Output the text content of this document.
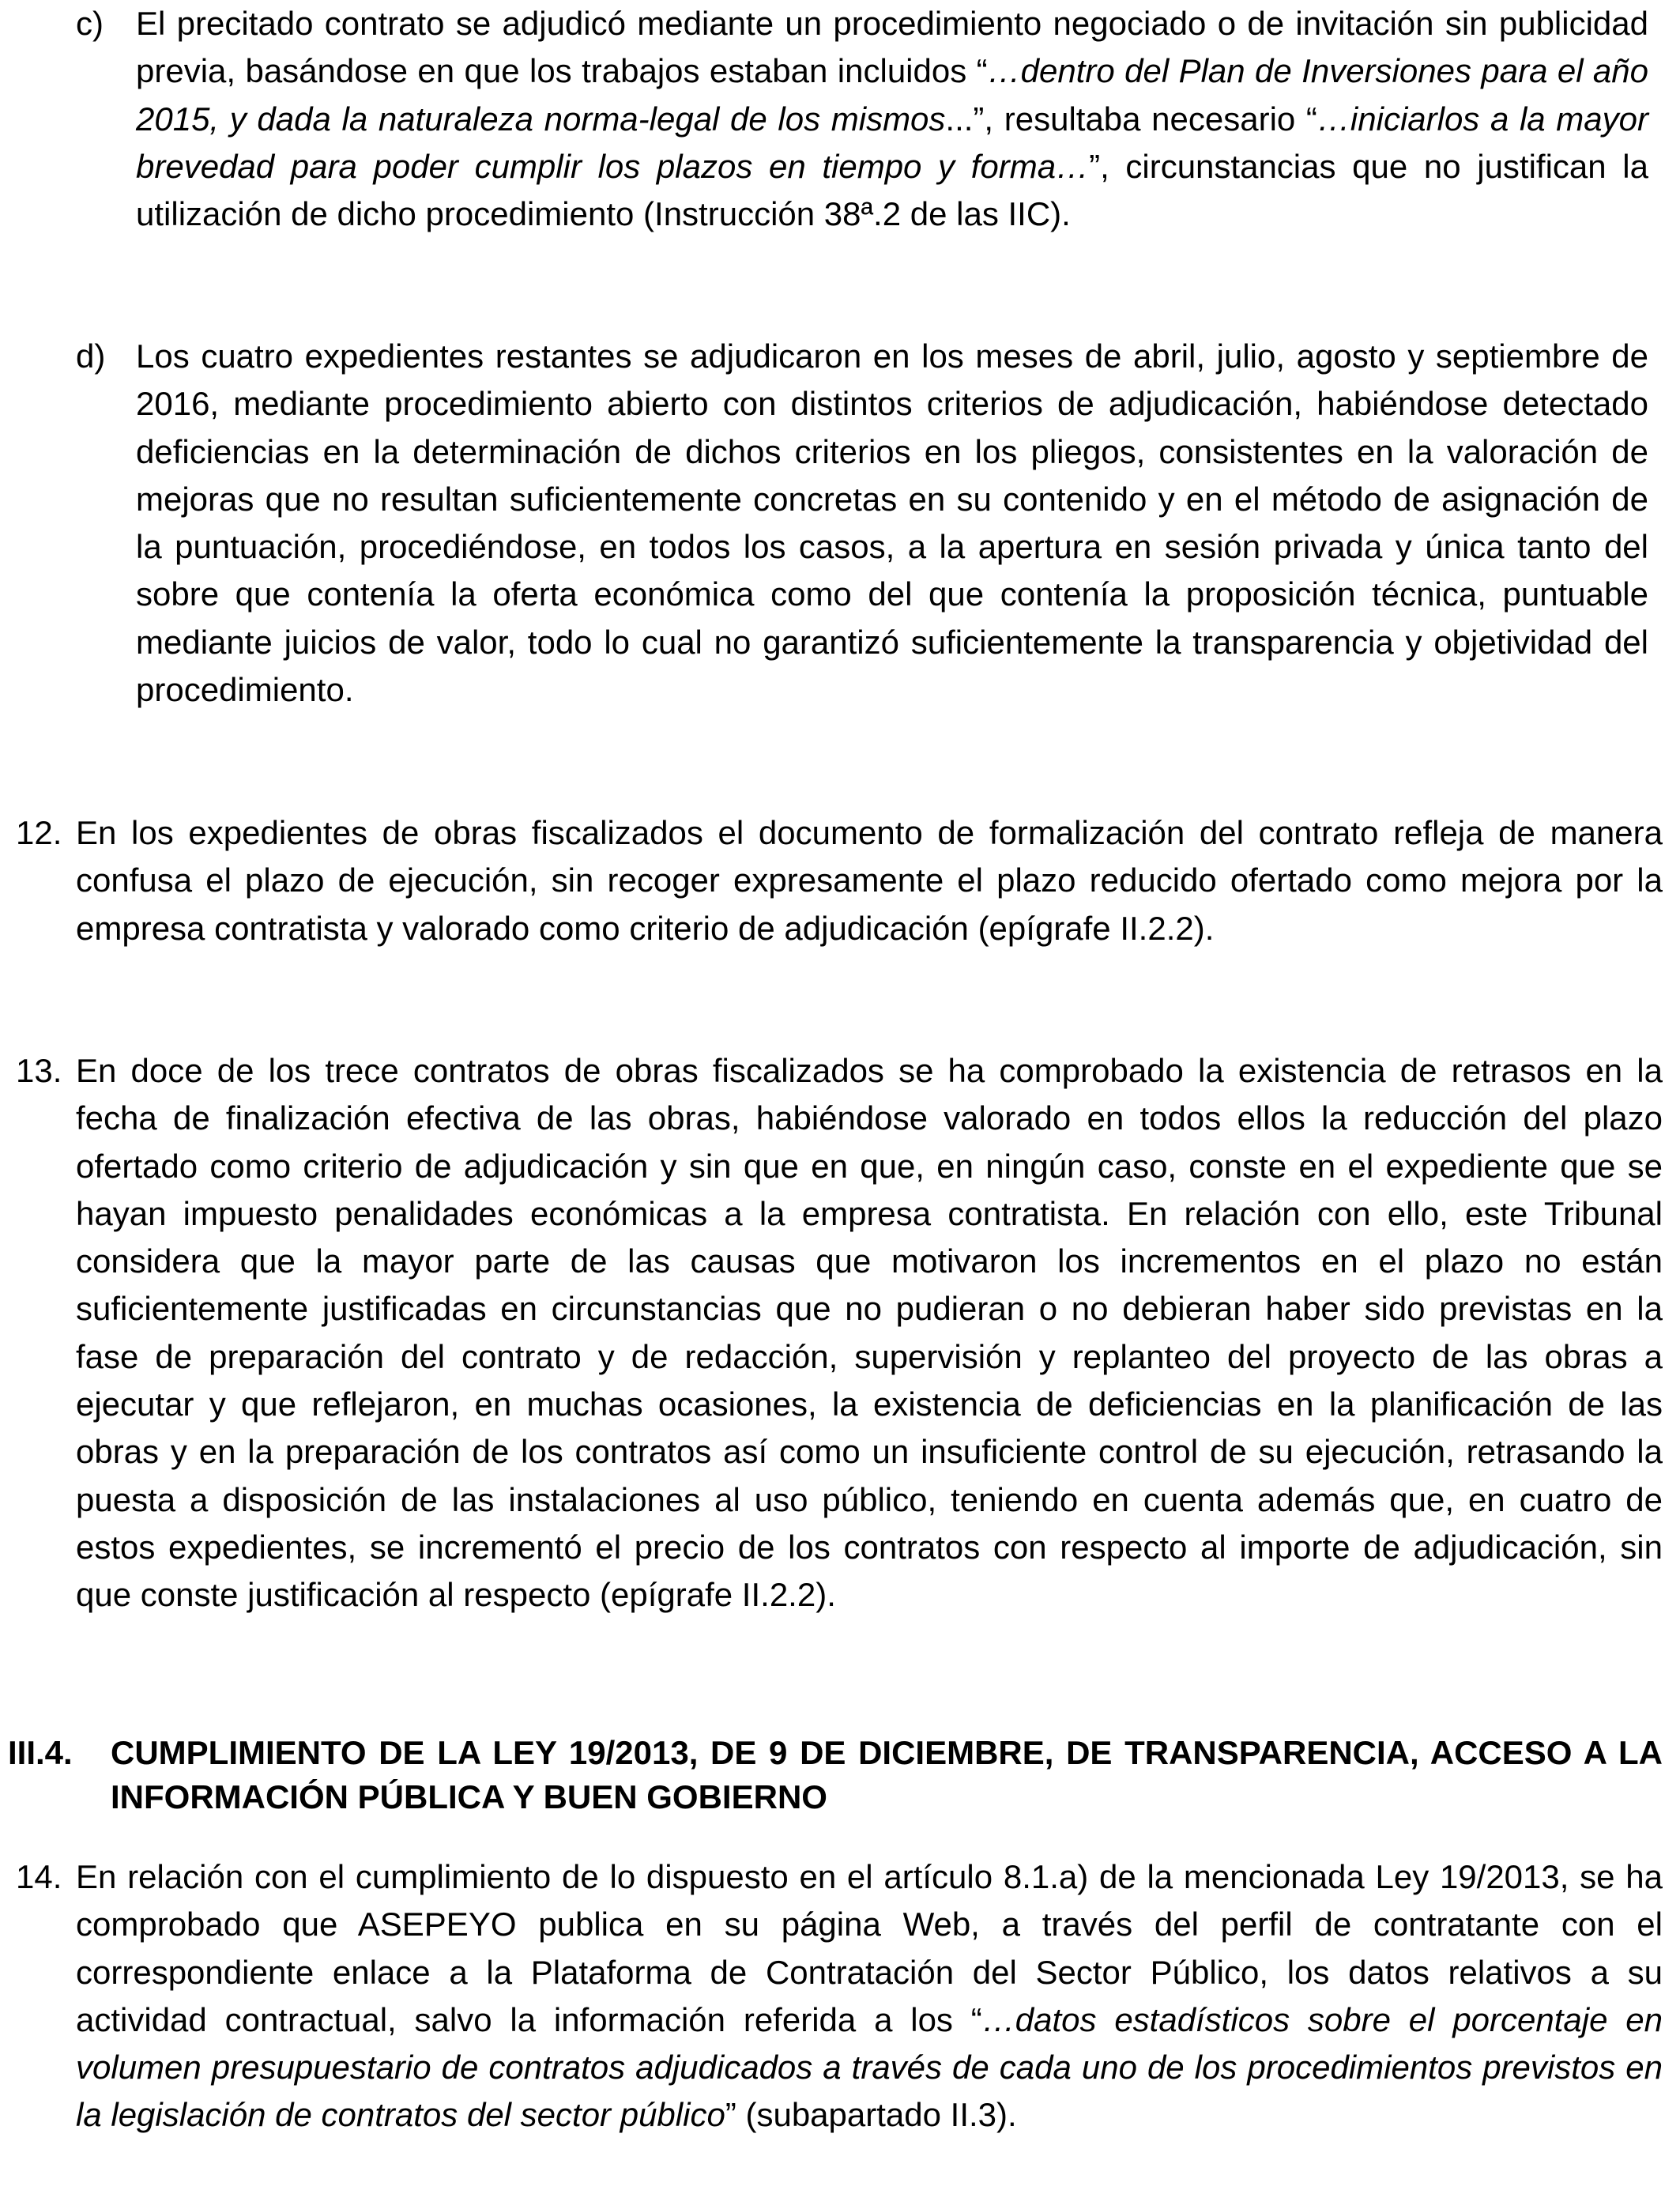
c) El precitado contrato se adjudicó mediante un procedimiento negociado o de invitación sin publicidad previa, basándose en que los trabajos estaban incluidos “…dentro del Plan de Inversiones para el año 2015, y dada la naturaleza norma-legal de los mismos...”, resultaba necesario “…iniciarlos a la mayor brevedad para poder cumplir los plazos en tiempo y forma…”, circunstancias que no justifican la utilización de dicho procedimiento (Instrucción 38ª.2 de las IIC).
d) Los cuatro expedientes restantes se adjudicaron en los meses de abril, julio, agosto y septiembre de 2016, mediante procedimiento abierto con distintos criterios de adjudicación, habiéndose detectado deficiencias en la determinación de dichos criterios en los pliegos, consistentes en la valoración de mejoras que no resultan suficientemente concretas en su contenido y en el método de asignación de la puntuación, procediéndose, en todos los casos, a la apertura en sesión privada y única tanto del sobre que contenía la oferta económica como del que contenía la proposición técnica, puntuable mediante juicios de valor, todo lo cual no garantizó suficientemente la transparencia y objetividad del procedimiento.
12. En los expedientes de obras fiscalizados el documento de formalización del contrato refleja de manera confusa el plazo de ejecución, sin recoger expresamente el plazo reducido ofertado como mejora por la empresa contratista y valorado como criterio de adjudicación (epígrafe II.2.2).
13. En doce de los trece contratos de obras fiscalizados se ha comprobado la existencia de retrasos en la fecha de finalización efectiva de las obras, habiéndose valorado en todos ellos la reducción del plazo ofertado como criterio de adjudicación y sin que en que, en ningún caso, conste en el expediente que se hayan impuesto penalidades económicas a la empresa contratista. En relación con ello, este Tribunal considera que la mayor parte de las causas que motivaron los incrementos en el plazo no están suficientemente justificadas en circunstancias que no pudieran o no debieran haber sido previstas en la fase de preparación del contrato y de redacción, supervisión y replanteo del proyecto de las obras a ejecutar y que reflejaron, en muchas ocasiones, la existencia de deficiencias en la planificación de las obras y en la preparación de los contratos así como un insuficiente control de su ejecución, retrasando la puesta a disposición de las instalaciones al uso público, teniendo en cuenta además que, en cuatro de estos expedientes, se incrementó el precio de los contratos con respecto al importe de adjudicación, sin que conste justificación al respecto (epígrafe II.2.2).
III.4. CUMPLIMIENTO DE LA LEY 19/2013, DE 9 DE DICIEMBRE, DE TRANSPARENCIA, ACCESO A LA INFORMACIÓN PÚBLICA Y BUEN GOBIERNO
14. En relación con el cumplimiento de lo dispuesto en el artículo 8.1.a) de la mencionada Ley 19/2013, se ha comprobado que ASEPEYO publica en su página Web, a través del perfil de contratante con el correspondiente enlace a la Plataforma de Contratación del Sector Público, los datos relativos a su actividad contractual, salvo la información referida a los “…datos estadísticos sobre el porcentaje en volumen presupuestario de contratos adjudicados a través de cada uno de los procedimientos previstos en la legislación de contratos del sector público” (subapartado II.3).
